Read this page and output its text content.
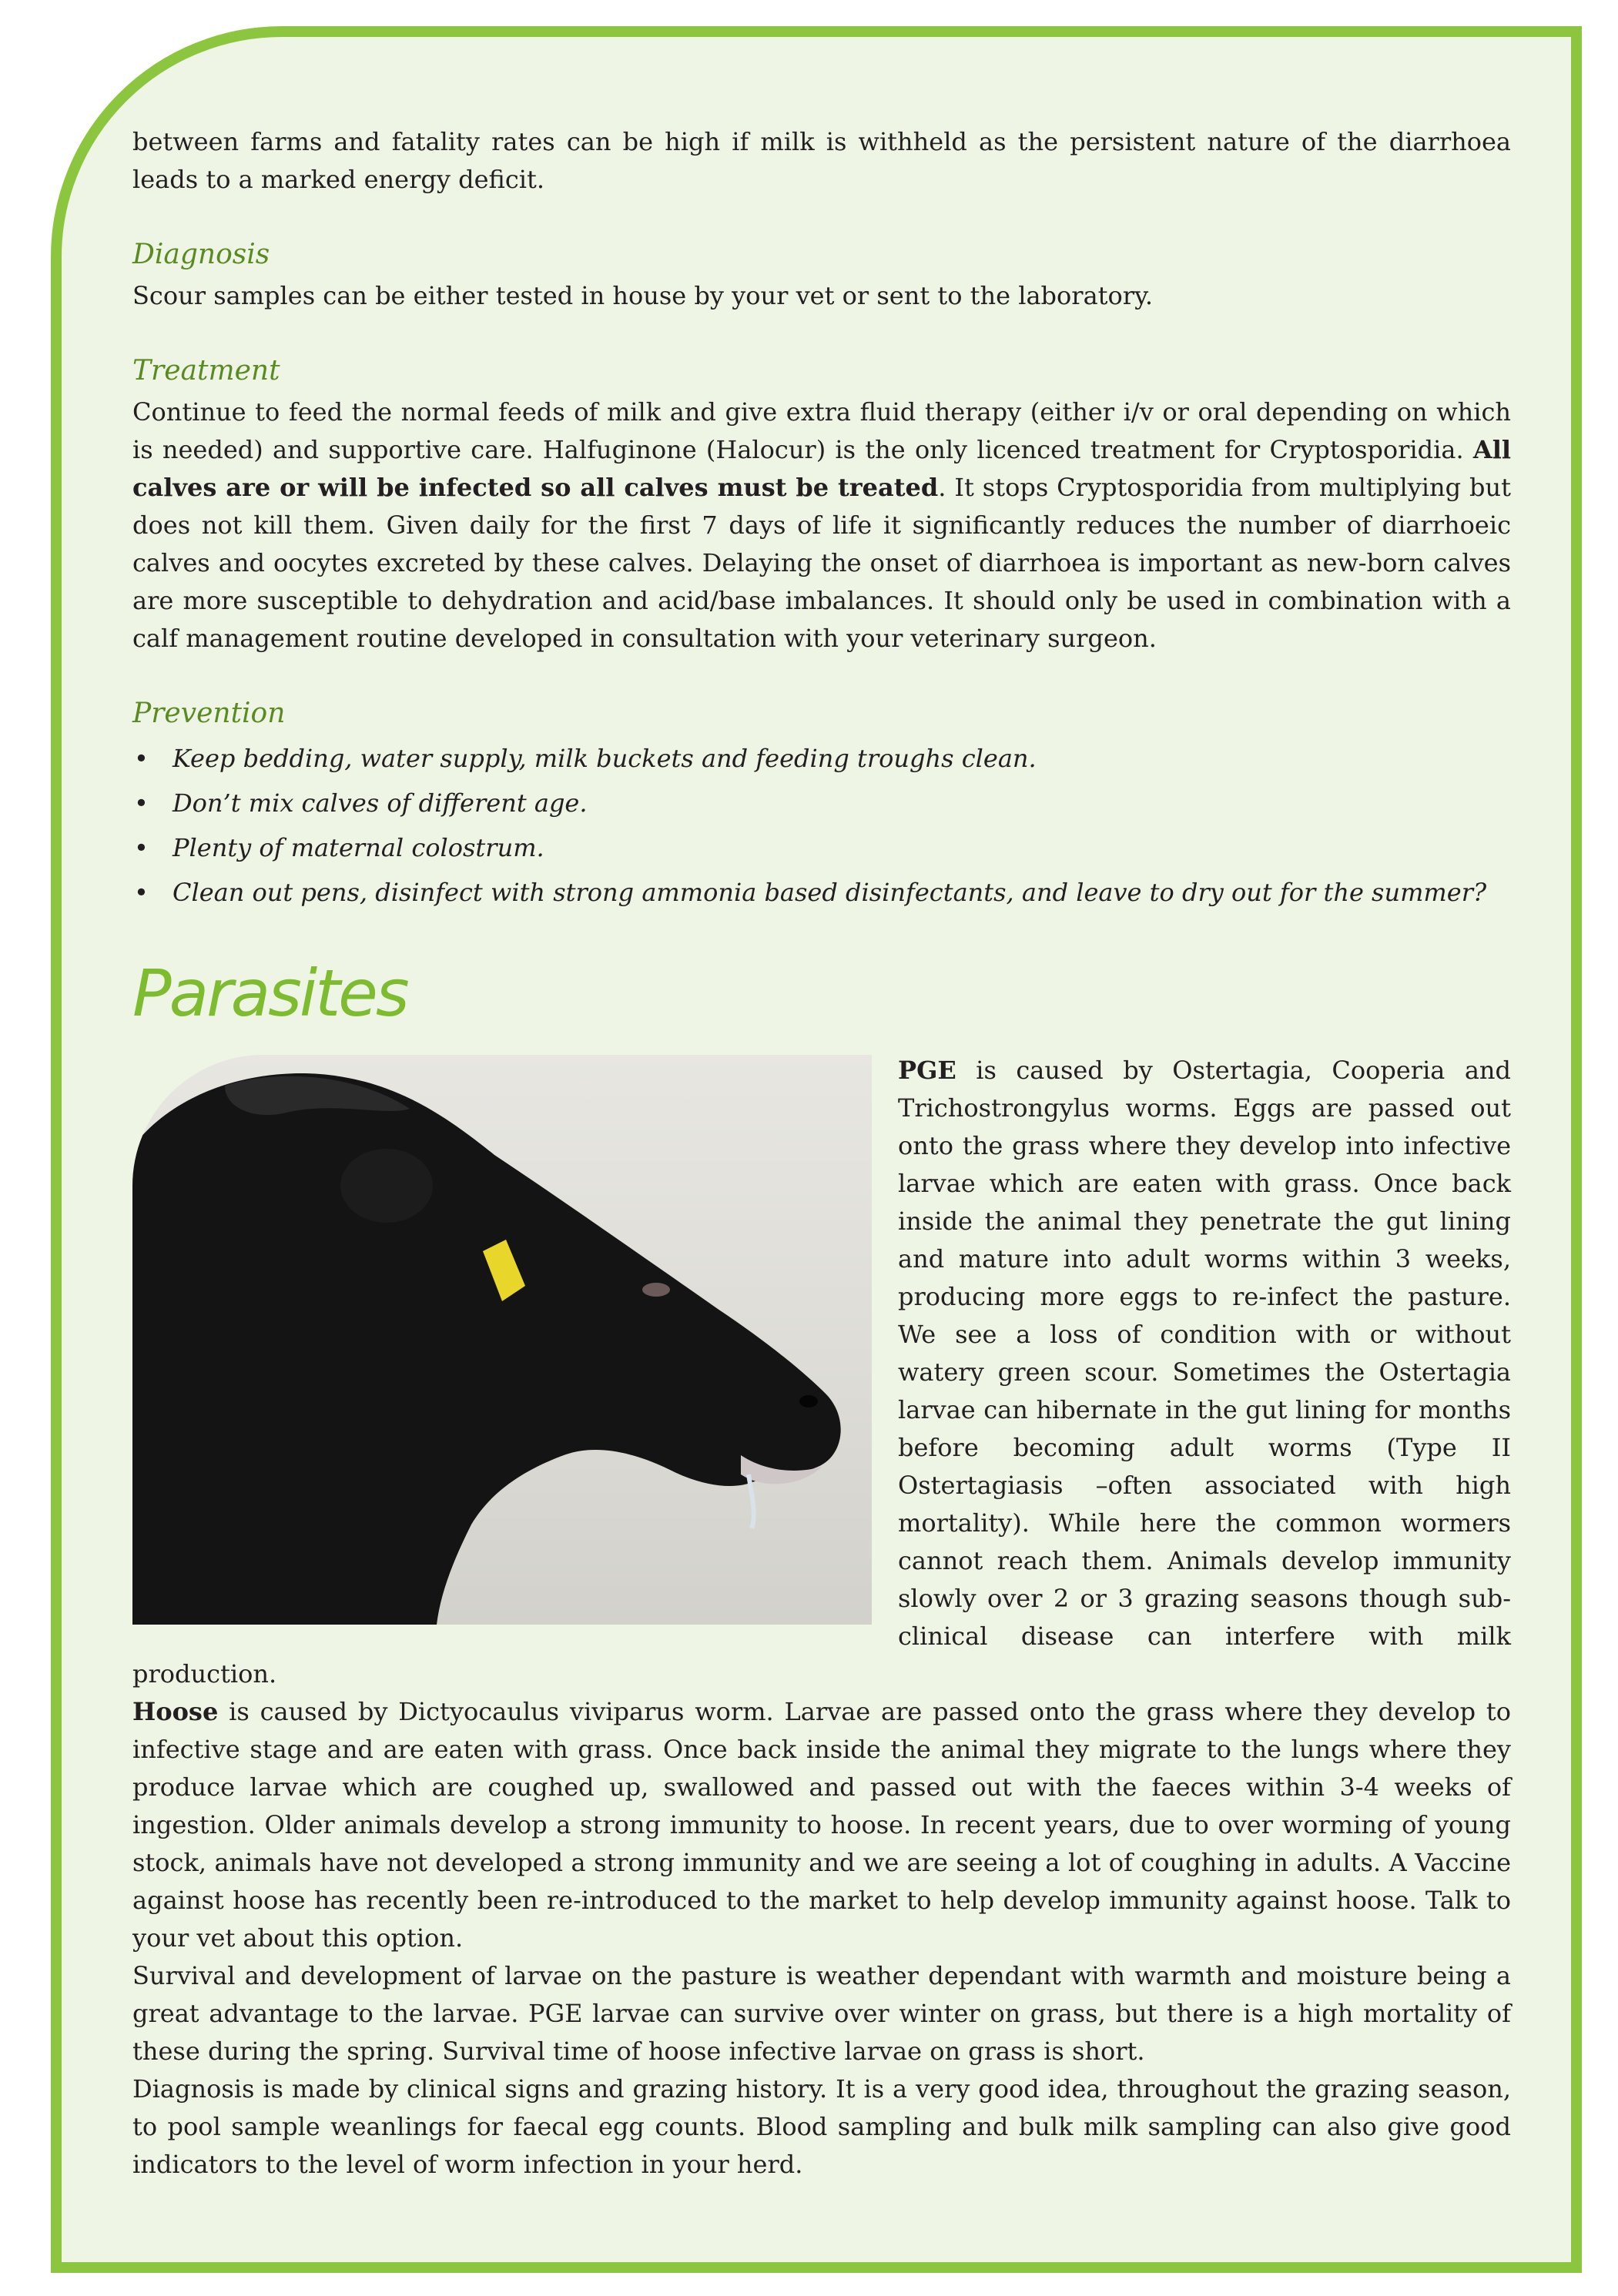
between farms and fatality rates can be high if milk is withheld as the persistent nature of the diarrhoea leads to a marked energy deficit.

Diagnosis

Scour samples can be either tested in house by your vet or sent to the laboratory.

Treatment

Continue to feed the normal feeds of milk and give extra fluid therapy (either i/v or oral depending on which is needed) and supportive care. Halfuginone (Halocur) is the only licenced treatment for Cryptosporidia. All calves are or will be infected so all calves must be treated. It stops Cryptosporidia from multiplying but does not kill them. Given daily for the first 7 days of life it significantly reduces the number of diarrhoeic calves and oocytes excreted by these calves. Delaying the onset of diarrhoea is important as new-born calves are more susceptible to dehydration and acid/base imbalances. It should only be used in combination with a calf management routine developed in consultation with your veterinary surgeon.

Prevention
• Keep bedding, water supply, milk buckets and feeding troughs clean.
• Don’t mix calves of different age.
• Plenty of maternal colostrum.
• Clean out pens, disinfect with strong ammonia based disinfectants, and leave to dry out for the summer?
Parasites

PGE is caused by Ostertagia, Cooperia and Trichostrongylus worms. Eggs are passed out onto the grass where they develop into infective larvae which are eaten with grass. Once back inside the animal they penetrate the gut lining and mature into adult worms within 3 weeks, producing more eggs to re-infect the pasture. We see a loss of condition with or without watery green scour. Sometimes the Ostertagia larvae can hibernate in the gut lining for months before becoming adult worms (Type II Ostertagiasis –often associated with high mortality). While here the common wormers cannot reach them. Animals develop immunity slowly over 2 or 3 grazing seasons though sub-clinical disease can interfere with milk production.

Hoose is caused by Dictyocaulus viviparus worm. Larvae are passed onto the grass where they develop to infective stage and are eaten with grass. Once back inside the animal they migrate to the lungs where they produce larvae which are coughed up, swallowed and passed out with the faeces within 3-4 weeks of ingestion. Older animals develop a strong immunity to hoose. In recent years, due to over worming of young stock, animals have not developed a strong immunity and we are seeing a lot of coughing in adults. A Vaccine against hoose has recently been re-introduced to the market to help develop immunity against hoose. Talk to your vet about this option.

Survival and development of larvae on the pasture is weather dependant with warmth and moisture being a great advantage to the larvae. PGE larvae can survive over winter on grass, but there is a high mortality of these during the spring. Survival time of hoose infective larvae on grass is short.

Diagnosis is made by clinical signs and grazing history. It is a very good idea, throughout the grazing season, to pool sample weanlings for faecal egg counts. Blood sampling and bulk milk sampling can also give good indicators to the level of worm infection in your herd.
